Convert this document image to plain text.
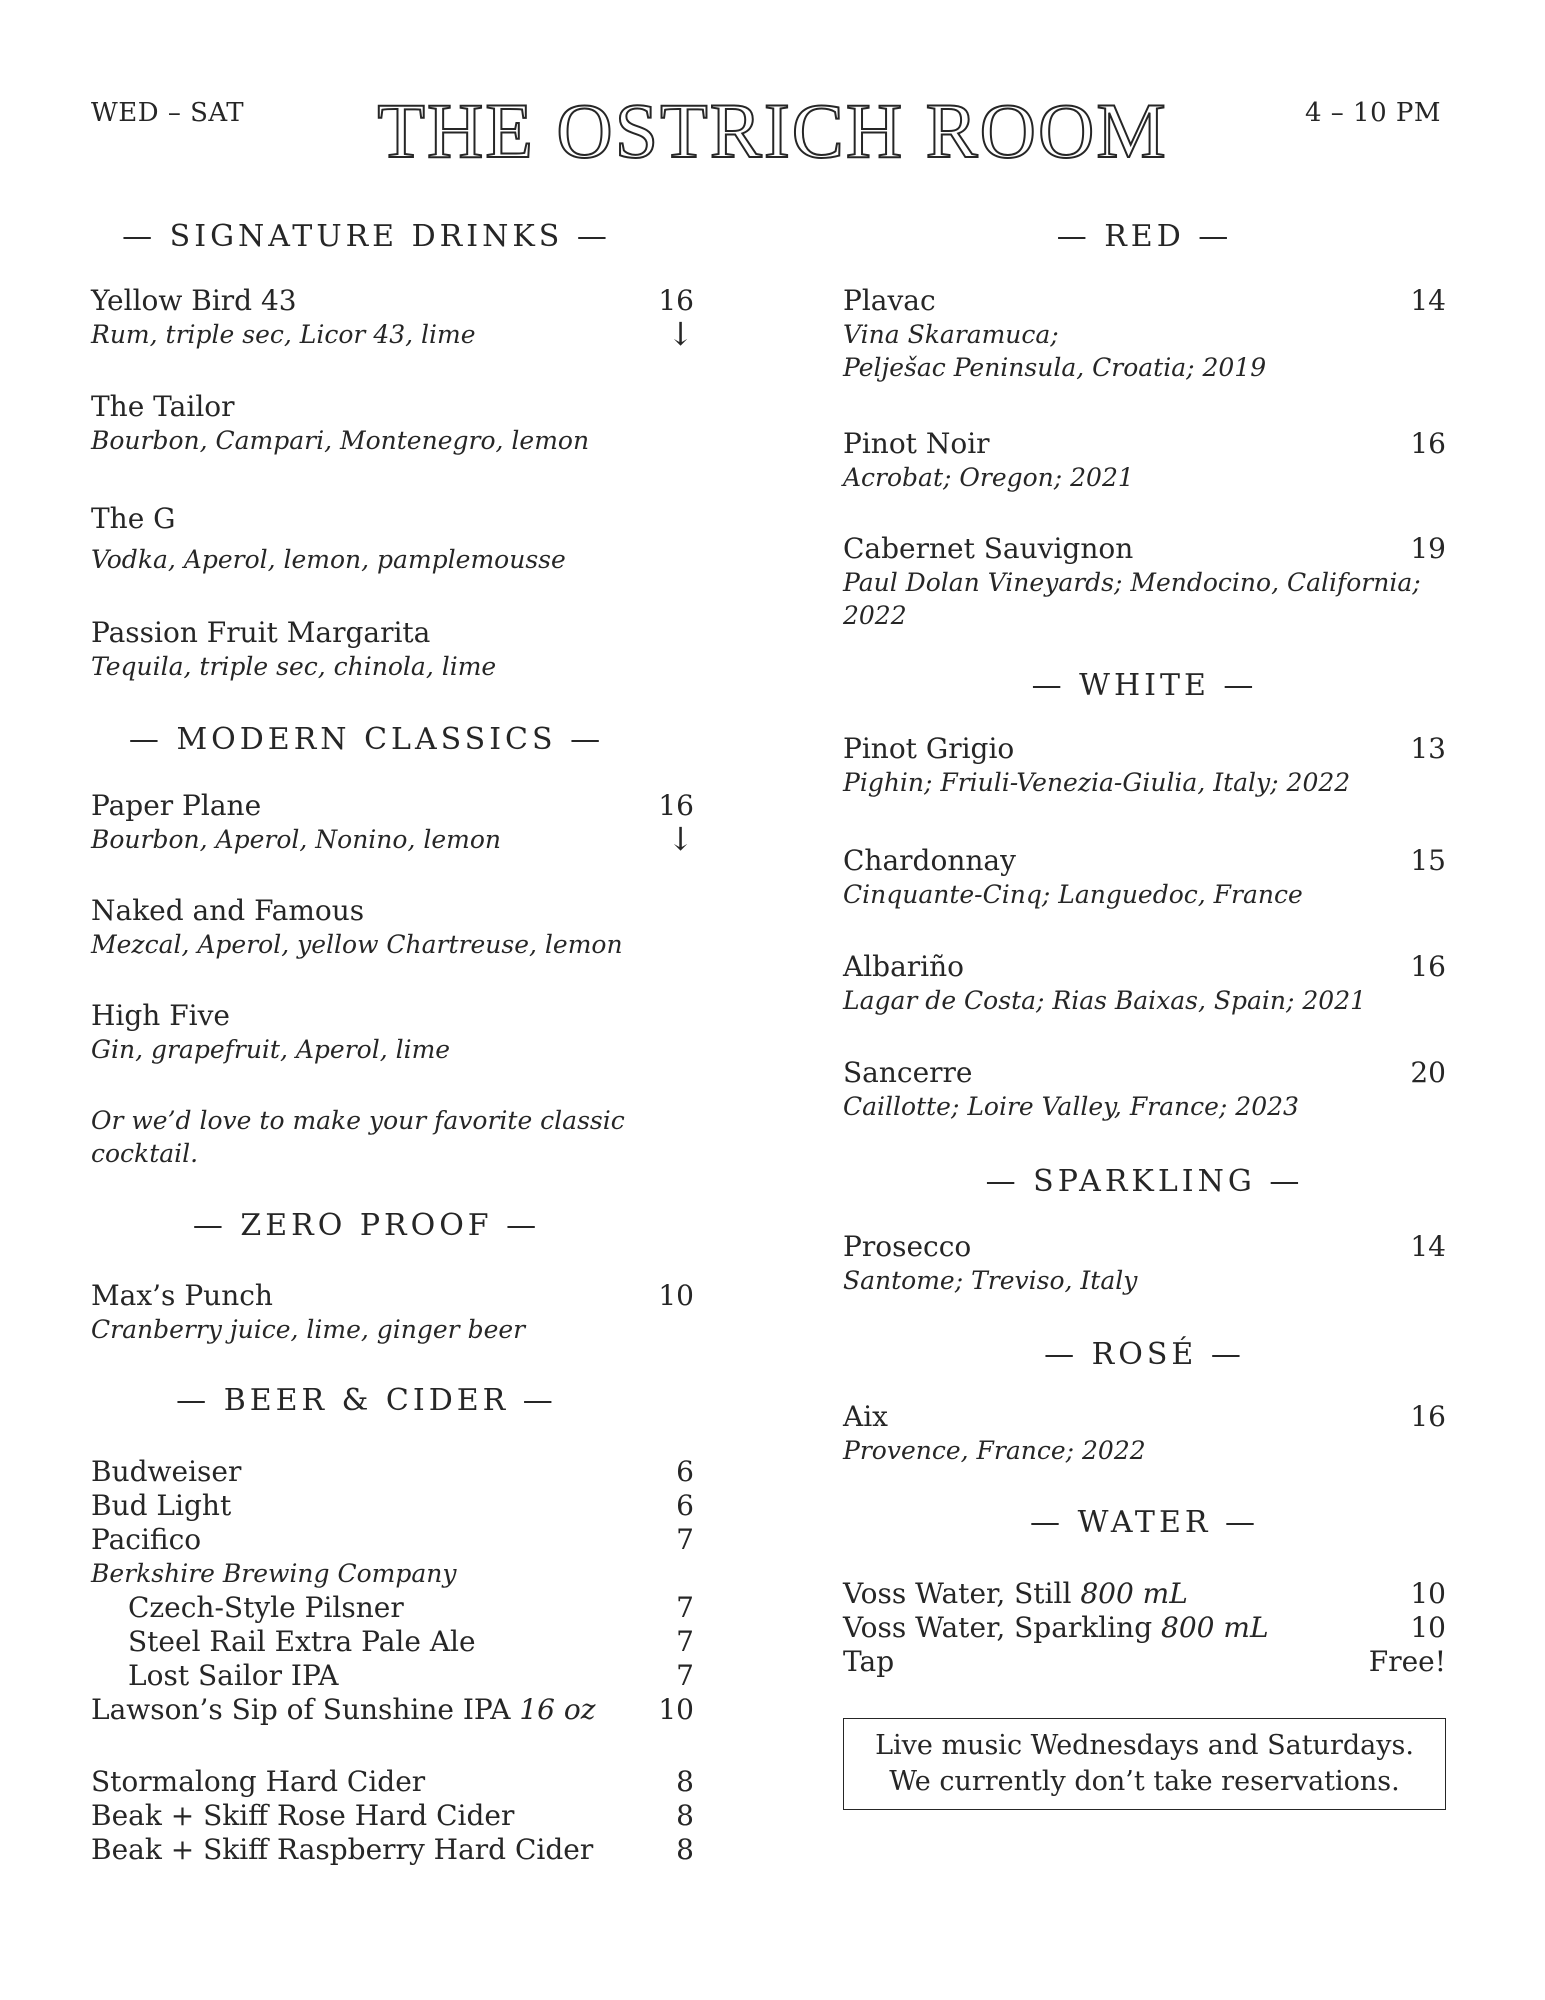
WED – SAT THE OSTRICH ROOM	4 – 10 PM
— SIGNATURE DRINKS —
Yellow Bird 43	16
Rum, triple sec, Licor 43, lime	↓
The Tailor
Bourbon, Campari, Montenegro, lemon
The G
Vodka, Aperol, lemon, pamplemousse
Passion Fruit Margarita
Tequila, triple sec, chinola, lime
— MODERN CLASSICS —
Paper Plane	16
Bourbon, Aperol, Nonino, lemon	↓
Naked and Famous
Mezcal, Aperol, yellow Chartreuse, lemon
High Five
Gin, grapefruit, Aperol, lime
Or we’d love to make your favorite classic cocktail.
— ZERO PROOF —
Max’s Punch	10
Cranberry juice, lime, ginger beer
— BEER & CIDER —
Budweiser	6
Bud Light	6
Pacifico	7
Berkshire Brewing Company
Czech-Style Pilsner	7
Steel Rail Extra Pale Ale	7
Lost Sailor IPA	7
Lawson’s Sip of Sunshine IPA 16 oz 10
Stormalong Hard Cider	8
Beak + Skiff Rose Hard Cider	8
Beak + Skiff Raspberry Hard Cider	8
— RED —
Plavac	14
Vina Skaramuca;
Pelješac Peninsula, Croatia; 2019
Pinot Noir	16
Acrobat; Oregon; 2021
Cabernet Sauvignon	19
Paul Dolan Vineyards; Mendocino, California; 2022
— WHITE —
Pinot Grigio	13
Pighin; Friuli-Venezia-Giulia, Italy; 2022
Chardonnay	15
Cinquante-Cinq; Languedoc, France
Albariño	16
Lagar de Costa; Rias Baixas, Spain; 2021
Sancerre	20
Caillotte; Loire Valley, France; 2023
— SPARKLING —
Prosecco	14
Santome; Treviso, Italy
— ROSÉ —
Aix	16
Provence, France; 2022
— WATER —
Voss Water, Still 800 mL	10
Voss Water, Sparkling 800 mL	10
Tap	Free!
Live music Wednesdays and Saturdays.
We currently don’t take reservations.
